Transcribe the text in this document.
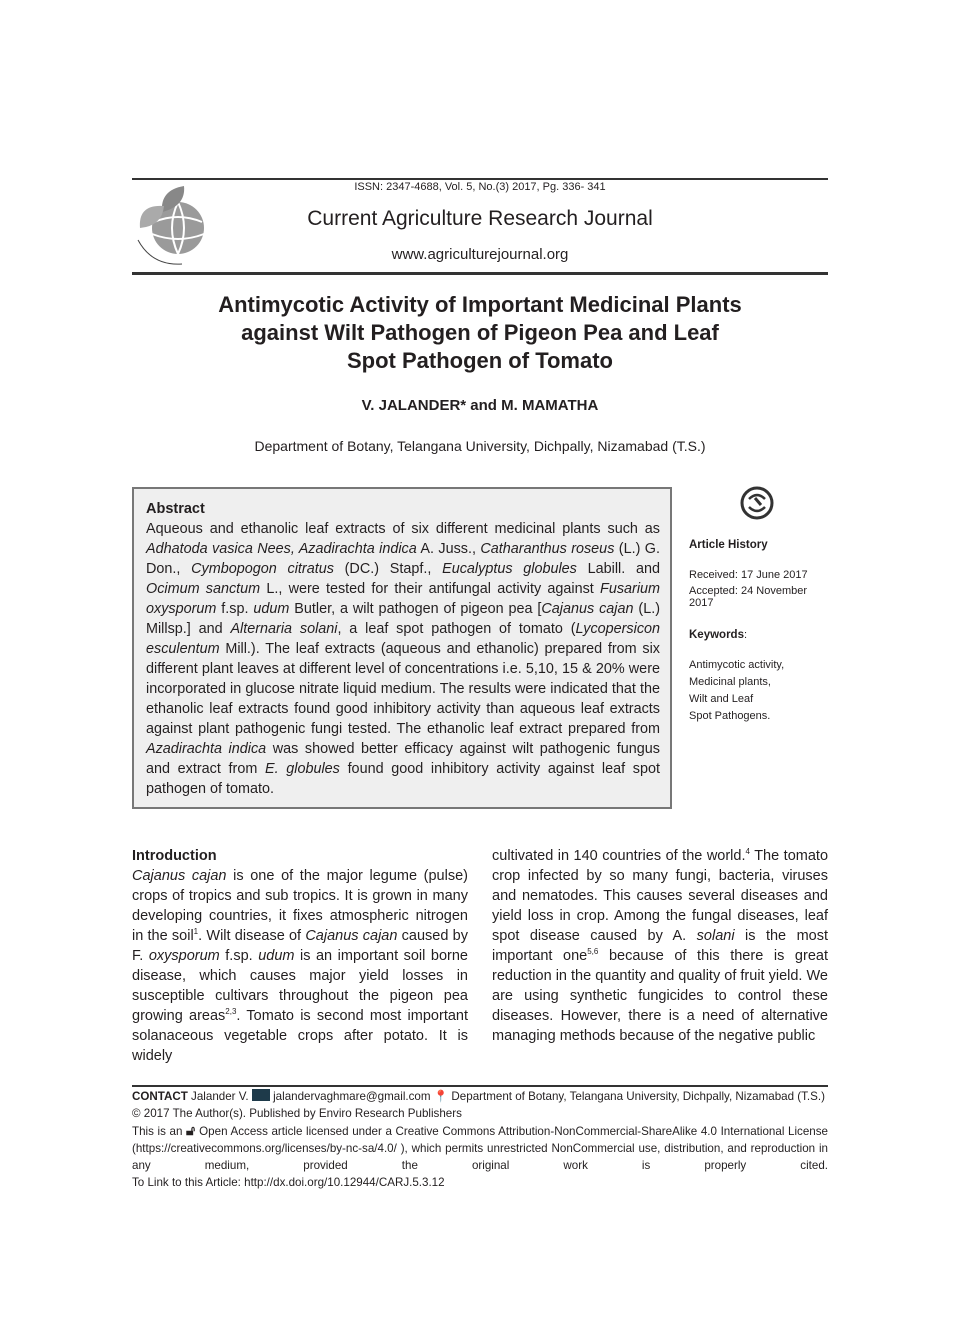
ISSN: 2347-4688, Vol. 5, No.(3) 2017, Pg. 336- 341
Current Agriculture Research Journal
www.agriculturejournal.org
Antimycotic Activity of Important Medicinal Plants
against Wilt Pathogen of Pigeon Pea and Leaf
Spot Pathogen of Tomato
V. JALANDER* and M. MAMATHA
Department of Botany, Telangana University, Dichpally, Nizamabad (T.S.)
Abstract
Aqueous and ethanolic leaf extracts of six different medicinal plants such as Adhatoda vasica Nees, Azadirachta indica A. Juss., Catharanthus roseus (L.) G. Don., Cymbopogon citratus (DC.) Stapf., Eucalyptus globules Labill. and Ocimum sanctum L., were tested for their antifungal activity against Fusarium oxysporum f.sp. udum Butler, a wilt pathogen of pigeon pea [Cajanus cajan (L.) Millsp.] and Alternaria solani, a leaf spot pathogen of tomato (Lycopersicon esculentum Mill.). The leaf extracts (aqueous and ethanolic) prepared from six different plant leaves at different level of concentrations i.e. 5,10, 15 & 20% were incorporated in glucose nitrate liquid medium. The results were indicated that the ethanolic leaf extracts found good inhibitory activity than aqueous leaf extracts against plant pathogenic fungi tested. The ethanolic leaf extract prepared from Azadirachta indica was showed better efficacy against wilt pathogenic fungus and extract from E. globules found good inhibitory activity against leaf spot pathogen of tomato.
Article History
Received: 17 June 2017
Accepted: 24 November 2017
Keywords:
Antimycotic activity,
Medicinal plants,
Wilt and Leaf
Spot Pathogens.
Introduction

Cajanus cajan is one of the major legume (pulse) crops of tropics and sub tropics. It is grown in many developing countries, it fixes atmospheric nitrogen in the soil$^1$. Wilt disease of Cajanus cajan caused by F. oxysporum f.sp. udum is an important soil borne disease, which causes major yield losses in susceptible cultivars throughout the pigeon pea growing areas$^{2,3}$. Tomato is second most important solanaceous vegetable crops after potato. It is widely

cultivated in 140 countries of the world.$^4$ The tomato crop infected by so many fungi, bacteria, viruses and nematodes. This causes several diseases and yield loss in crop. Among the fungal diseases, leaf spot disease caused by A. solani is the most important one$^{5,6}$ because of this there is great reduction in the quantity and quality of fruit yield. We are using synthetic fungicides to control these diseases. However, there is a need of alternative managing methods because of the negative public

CONTACT Jalander V. jalandervaghmare@gmail.com 📍 Department of Botany, Telangana University, Dichpally, Nizamabad (T.S.)
© 2017 The Author(s). Published by Enviro Research Publishers
This is an 🔓︎ Open Access article licensed under a Creative Commons Attribution-NonCommercial-ShareAlike 4.0 International License (https://creativecommons.org/licenses/by-nc-sa/4.0/ ), which permits unrestricted NonCommercial use, distribution, and reproduction in any medium, provided the original work is properly cited.
To Link to this Article: http://dx.doi.org/10.12944/CARJ.5.3.12
